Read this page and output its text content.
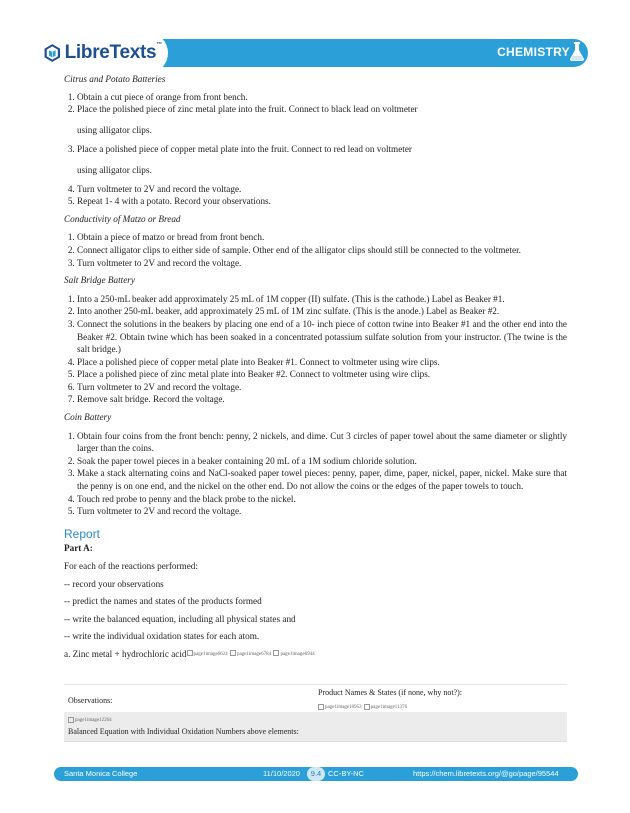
LibreTexts™	CHEMISTRY

Citrus and Potato Batteries

1. Obtain a cut piece of orange from front bench.
2. Place the polished piece of zinc metal plate into the fruit. Connect to black lead on voltmeter
using alligator clips.
3. Place a polished piece of copper metal plate into the fruit. Connect to red lead on voltmeter
using alligator clips.
4. Turn voltmeter to 2V and record the voltage.
5. Repeat 1- 4 with a potato. Record your observations.

Conductivity of Matzo or Bread

1. Obtain a piece of matzo or bread from front bench.
2. Connect alligator clips to either side of sample. Other end of the alligator clips should still be connected to the voltmeter.
3. Turn voltmeter to 2V and record the voltage.

Salt Bridge Battery

1. Into a 250-mL beaker add approximately 25 mL of 1M copper (II) sulfate. (This is the cathode.) Label as Beaker #1.
2. Into another 250-mL beaker, add approximately 25 mL of 1M zinc sulfate. (This is the anode.) Label as Beaker #2.
3. Connect the solutions in the beakers by placing one end of a 10- inch piece of cotton twine into Beaker #1 and the other end into the Beaker #2. Obtain twine which has been soaked in a concentrated potassium sulfate solution from your instructor. (The twine is the salt bridge.)
4. Place a polished piece of copper metal plate into Beaker #1. Connect to voltmeter using wire clips.
5. Place a polished piece of zinc metal plate into Beaker #2. Connect to voltmeter using wire clips.
6. Turn voltmeter to 2V and record the voltage.
7. Remove salt bridge. Record the voltage.

Coin Battery

1. Obtain four coins from the front bench: penny, 2 nickels, and dime. Cut 3 circles of paper towel about the same diameter or slightly larger than the coins.
2. Soak the paper towel pieces in a beaker containing 20 mL of a 1M sodium chloride solution.
3. Make a stack alternating coins and NaCl-soaked paper towel pieces: penny, paper, dime, paper, nickel, paper, nickel. Make sure that the penny is on one end, and the nickel on the other end. Do not allow the coins or the edges of the paper towels to touch.
4. Touch red probe to penny and the black probe to the nickel.
5. Turn voltmeter to 2V and record the voltage.
Report
Part A:
For each of the reactions performed:
-- record your observations
-- predict the names and states of the products formed
-- write the balanced equation, including all physical states and
-- write the individual oxidation states for each atom.
a. Zinc metal + hydrochloric acid page1image6624 page1image6784 page1image6944
Observations:
Product Names & States (if none, why not?):
page1image10952 page1image11376
page1image12264
Balanced Equation with Individual Oxidation Numbers above elements:
Santa Monica College	11/10/2020	9.4 CC-BY-NC	https://chem.libretexts.org/@go/page/95544
